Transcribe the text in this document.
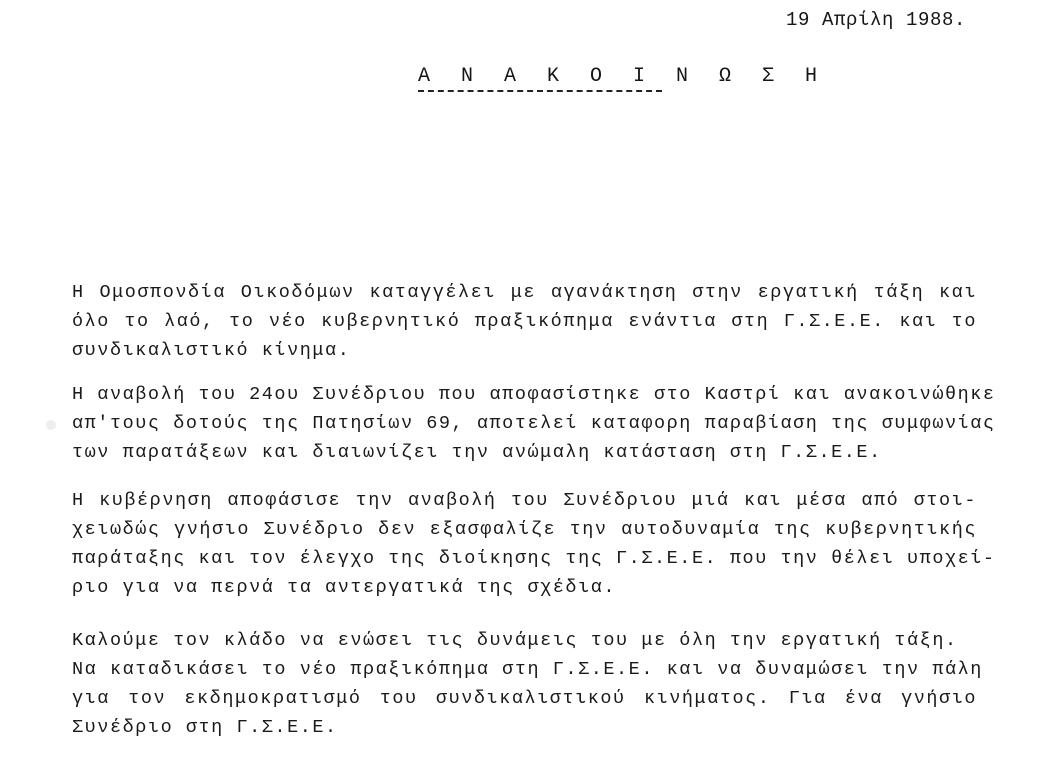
19 Απρίλη 1988.
Α Ν Α Κ Ο Ι Ν Ω Σ Η
Η Ομοσπονδία Οικοδόμων καταγγέλει με αγανάκτηση στην εργατική τάξη και
όλο το λαό, το νέο κυβερνητικό πραξικόπημα ενάντια στη Γ.Σ.Ε.Ε. και το
συνδικαλιστικό κίνημα.
Η αναβολή του 24ου Συνέδριου που αποφασίστηκε στο Καστρί και ανακοινώθηκε
απ'τους δοτούς της Πατησίων 69, αποτελεί καταφορη παραβίαση της συμφωνίας
των παρατάξεων και διαιωνίζει την ανώμαλη κατάσταση στη Γ.Σ.Ε.Ε.
Η κυβέρνηση αποφάσισε την αναβολή του Συνέδριου μιά και μέσα από στοι-
χειωδώς γνήσιο Συνέδριο δεν εξασφαλίζε την αυτοδυναμία της κυβερνητικής
παράταξης και τον έλεγχο της διοίκησης της Γ.Σ.Ε.Ε. που την θέλει υποχεί-
ριο για να περνά τα αντεργατικά της σχέδια.
Καλούμε τον κλάδο να ενώσει τις δυνάμεις του με όλη την εργατική τάξη.
Να καταδικάσει το νέο πραξικόπημα στη Γ.Σ.Ε.Ε. και να δυναμώσει την πάλη
για τον εκδημοκρατισμό του συνδικαλιστικού κινήματος. Για ένα γνήσιο
Συνέδριο στη Γ.Σ.Ε.Ε.
